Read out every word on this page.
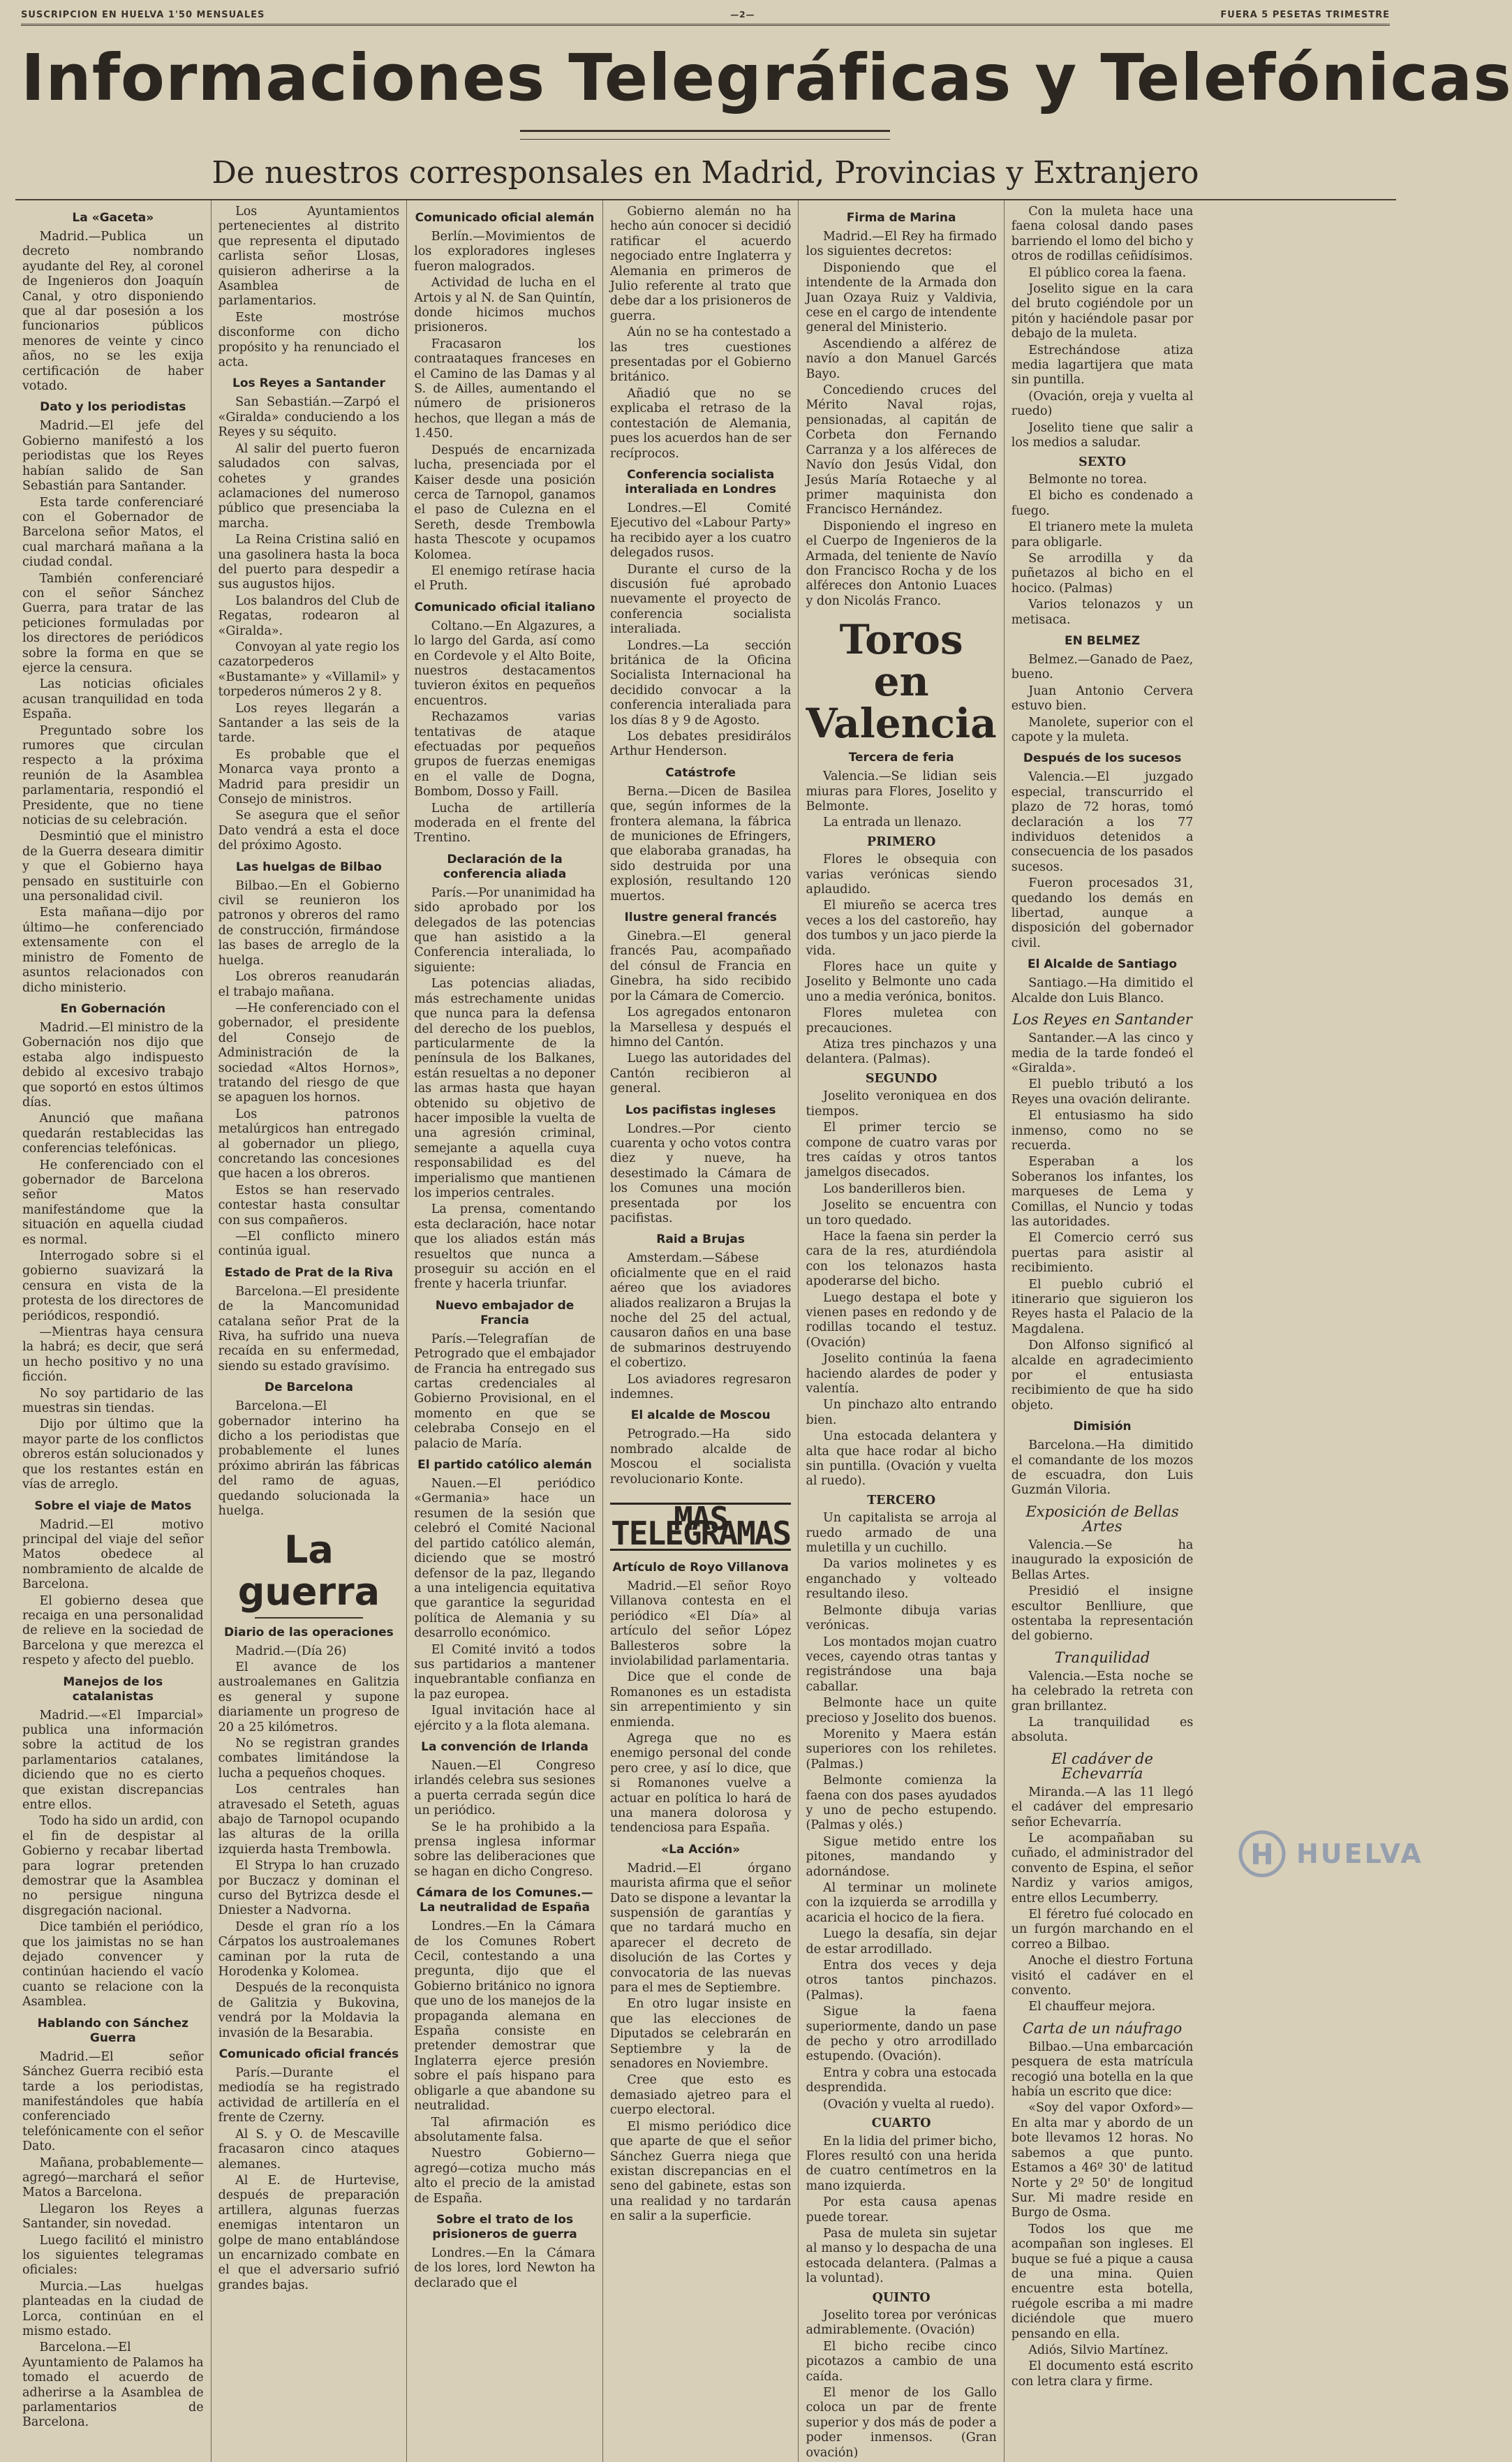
SUSCRIPCION EN HUELVA 1'50 MENSUALES	—2—	FUERA 5 PESETAS TRIMESTRE
Informaciones Telegráficas y Telefónicas
De nuestros corresponsales en Madrid, Provincias y Extranjero
La «Gaceta»

Madrid.—Publica un decreto nombrando ayudante del Rey, al coronel de Ingenieros don Joaquín Canal, y otro disponiendo que al dar posesión a los funcionarios públicos menores de veinte y cinco años, no se les exija certificación de haber votado.

Dato y los periodistas

Madrid.—El jefe del Gobierno manifestó a los periodistas que los Reyes habían salido de San Sebastián para Santander.

Esta tarde conferenciaré con el Gobernador de Barcelona señor Matos, el cual marchará mañana a la ciudad condal.

También conferenciaré con el señor Sánchez Guerra, para tratar de las peticiones formuladas por los directores de periódicos sobre la forma en que se ejerce la censura.

Las noticias oficiales acusan tranquilidad en toda España.

Preguntado sobre los rumores que circulan respecto a la próxima reunión de la Asamblea parlamentaria, respondió el Presidente, que no tiene noticias de su celebración.

Desmintió que el ministro de la Guerra deseara dimitir y que el Gobierno haya pensado en sustituirle con una personalidad civil.

Esta mañana—dijo por último—he conferenciado extensamente con el ministro de Fomento de asuntos relacionados con dicho ministerio.

En Gobernación

Madrid.—El ministro de la Gobernación nos dijo que estaba algo indispuesto debido al excesivo trabajo que soportó en estos últimos días.

Anunció que mañana quedarán restablecidas las conferencias telefónicas.

He conferenciado con el gobernador de Barcelona señor Matos manifestándome que la situación en aquella ciudad es normal.

Interrogado sobre si el gobierno suavizará la censura en vista de la protesta de los directores de periódicos, respondió.

—Mientras haya censura la habrá; es decir, que será un hecho positivo y no una ficción.

No soy partidario de las muestras sin tiendas.

Dijo por último que la mayor parte de los conflictos obreros están solucionados y que los restantes están en vías de arreglo.

Sobre el viaje de Matos

Madrid.—El motivo principal del viaje del señor Matos obedece al nombramiento de alcalde de Barcelona.

El gobierno desea que recaiga en una personalidad de relieve en la sociedad de Barcelona y que merezca el respeto y afecto del pueblo.

Manejos de los catalanistas

Madrid.—«El Imparcial» publica una información sobre la actitud de los parlamentarios catalanes, diciendo que no es cierto que existan discrepancias entre ellos.

Todo ha sido un ardid, con el fin de despistar al Gobierno y recabar libertad para lograr pretenden demostrar que la Asamblea no persigue ninguna disgregación nacional.

Dice también el periódico, que los jaimistas no se han dejado convencer y continúan haciendo el vacío cuanto se relacione con la Asamblea.

Hablando con Sánchez Guerra

Madrid.—El señor Sánchez Guerra recibió esta tarde a los periodistas, manifestándoles que había conferenciado telefónicamente con el señor Dato.

Mañana, probablemente—agregó—marchará el señor Matos a Barcelona.

Llegaron los Reyes a Santander, sin novedad.

Luego facilitó el ministro los siguientes telegramas oficiales:

Murcia.—Las huelgas planteadas en la ciudad de Lorca, continúan en el mismo estado.

Barcelona.—El Ayuntamiento de Palamos ha tomado el acuerdo de adherirse a la Asamblea de parlamentarios de Barcelona.

Los Ayuntamientos pertenecientes al distrito que representa el diputado carlista señor Llosas, quisieron adherirse a la Asamblea de parlamentarios.

Este mostróse disconforme con dicho propósito y ha renunciado el acta.

Los Reyes a Santander

San Sebastián.—Zarpó el «Giralda» conduciendo a los Reyes y su séquito.

Al salir del puerto fueron saludados con salvas, cohetes y grandes aclamaciones del numeroso público que presenciaba la marcha.

La Reina Cristina salió en una gasolinera hasta la boca del puerto para despedir a sus augustos hijos.

Los balandros del Club de Regatas, rodearon al «Giralda».

Convoyan al yate regio los cazatorpederos «Bustamante» y «Villamil» y torpederos números 2 y 8.

Los reyes llegarán a Santander a las seis de la tarde.

Es probable que el Monarca vaya pronto a Madrid para presidir un Consejo de ministros.

Se asegura que el señor Dato vendrá a esta el doce del próximo Agosto.

Las huelgas de Bilbao

Bilbao.—En el Gobierno civil se reunieron los patronos y obreros del ramo de construcción, firmándose las bases de arreglo de la huelga.

Los obreros reanudarán el trabajo mañana.

—He conferenciado con el gobernador, el presidente del Consejo de Administración de la sociedad «Altos Hornos», tratando del riesgo de que se apaguen los hornos.

Los patronos metalúrgicos han entregado al gobernador un pliego, concretando las concesiones que hacen a los obreros.

Estos se han reservado contestar hasta consultar con sus compañeros.

—El conflicto minero continúa igual.

Estado de Prat de la Riva

Barcelona.—El presidente de la Mancomunidad catalana señor Prat de la Riva, ha sufrido una nueva recaída en su enfermedad, siendo su estado gravísimo.

De Barcelona

Barcelona.—El gobernador interino ha dicho a los periodistas que probablemente el lunes próximo abrirán las fábricas del ramo de aguas, quedando solucionada la huelga.

La guerra
Diario de las operaciones

Madrid.—(Día 26)

El avance de los austroalemanes en Galitzia es general y supone diariamente un progreso de 20 a 25 kilómetros.

No se registran grandes combates limitándose la lucha a pequeños choques.

Los centrales han atravesado el Seteth, aguas abajo de Tarnopol ocupando las alturas de la orilla izquierda hasta Trembowla.

El Strypa lo han cruzado por Buczacz y dominan el curso del Bytrizca desde el Dniester a Nadvorna.

Desde el gran río a los Cárpatos los austroalemanes caminan por la ruta de Horodenka y Kolomea.

Después de la reconquista de Galitzia y Bukovina, vendrá por la Moldavia la invasión de la Besarabia.

Comunicado oficial francés

París.—Durante el mediodía se ha registrado actividad de artillería en el frente de Czerny.

Al S. y O. de Mescaville fracasaron cinco ataques alemanes.

Al E. de Hurtevise, después de preparación artillera, algunas fuerzas enemigas intentaron un golpe de mano entablándose un encarnizado combate en el que el adversario sufrió grandes bajas.

Comunicado oficial alemán

Berlín.—Movimientos de los exploradores ingleses fueron malogrados.

Actividad de lucha en el Artois y al N. de San Quintín, donde hicimos muchos prisioneros.

Fracasaron los contraataques franceses en el Camino de las Damas y al S. de Ailles, aumentando el número de prisioneros hechos, que llegan a más de 1.450.

Después de encarnizada lucha, presenciada por el Kaiser desde una posición cerca de Tarnopol, ganamos el paso de Culezna en el Sereth, desde Trembowla hasta Thescote y ocupamos Kolomea.

El enemigo retírase hacia el Pruth.

Comunicado oficial italiano

Coltano.—En Algazures, a lo largo del Garda, así como en Cordevole y el Alto Boite, nuestros destacamentos tuvieron éxitos en pequeños encuentros.

Rechazamos varias tentativas de ataque efectuadas por pequeños grupos de fuerzas enemigas en el valle de Dogna, Bombom, Dosso y Faill.

Lucha de artillería moderada en el frente del Trentino.

Declaración de la conferencia aliada

París.—Por unanimidad ha sido aprobado por los delegados de las potencias que han asistido a la Conferencia interaliada, lo siguiente:

Las potencias aliadas, más estrechamente unidas que nunca para la defensa del derecho de los pueblos, particularmente de la península de los Balkanes, están resueltas a no deponer las armas hasta que hayan obtenido su objetivo de hacer imposible la vuelta de una agresión criminal, semejante a aquella cuya responsabilidad es del imperialismo que mantienen los imperios centrales.

La prensa, comentando esta declaración, hace notar que los aliados están más resueltos que nunca a proseguir su acción en el frente y hacerla triunfar.

Nuevo embajador de Francia

París.—Telegrafían de Petrogrado que el embajador de Francia ha entregado sus cartas credenciales al Gobierno Provisional, en el momento en que se celebraba Consejo en el palacio de María.

El partido católico alemán

Nauen.—El periódico «Germania» hace un resumen de la sesión que celebró el Comité Nacional del partido católico alemán, diciendo que se mostró defensor de la paz, llegando a una inteligencia equitativa que garantice la seguridad política de Alemania y su desarrollo económico.

El Comité invitó a todos sus partidarios a mantener inquebrantable confianza en la paz europea.

Igual invitación hace al ejército y a la flota alemana.

La convención de Irlanda

Nauen.—El Congreso irlandés celebra sus sesiones a puerta cerrada según dice un periódico.

Se le ha prohibido a la prensa inglesa informar sobre las deliberaciones que se hagan en dicho Congreso.

Cámara de los Comunes.—La neutralidad de España

Londres.—En la Cámara de los Comunes Robert Cecil, contestando a una pregunta, dijo que el Gobierno británico no ignora que uno de los manejos de la propaganda alemana en España consiste en pretender demostrar que Inglaterra ejerce presión sobre el país hispano para obligarle a que abandone su neutralidad.

Tal afirmación es absolutamente falsa.

Nuestro Gobierno—agregó—cotiza mucho más alto el precio de la amistad de España.

Sobre el trato de los prisioneros de guerra

Londres.—En la Cámara de los lores, lord Newton ha declarado que el

Gobierno alemán no ha hecho aún conocer si decidió ratificar el acuerdo negociado entre Inglaterra y Alemania en primeros de Julio referente al trato que debe dar a los prisioneros de guerra.

Aún no se ha contestado a las tres cuestiones presentadas por el Gobierno británico.

Añadió que no se explicaba el retraso de la contestación de Alemania, pues los acuerdos han de ser recíprocos.

Conferencia socialista interaliada en Londres

Londres.—El Comité Ejecutivo del «Labour Party» ha recibido ayer a los cuatro delegados rusos.

Durante el curso de la discusión fué aprobado nuevamente el proyecto de conferencia socialista interaliada.

Londres.—La sección británica de la Oficina Socialista Internacional ha decidido convocar a la conferencia interaliada para los días 8 y 9 de Agosto.

Los debates presidirálos Arthur Henderson.

Catástrofe

Berna.—Dicen de Basilea que, según informes de la frontera alemana, la fábrica de municiones de Efringers, que elaboraba granadas, ha sido destruida por una explosión, resultando 120 muertos.

Ilustre general francés

Ginebra.—El general francés Pau, acompañado del cónsul de Francia en Ginebra, ha sido recibido por la Cámara de Comercio.

Los agregados entonaron la Marsellesa y después el himno del Cantón.

Luego las autoridades del Cantón recibieron al general.

Los pacifistas ingleses

Londres.—Por ciento cuarenta y ocho votos contra diez y nueve, ha desestimado la Cámara de los Comunes una moción presentada por los pacifistas.

Raid a Brujas

Amsterdam.—Sábese oficialmente que en el raid aéreo que los aviadores aliados realizaron a Brujas la noche del 25 del actual, causaron daños en una base de submarinos destruyendo el cobertizo.

Los aviadores regresaron indemnes.

El alcalde de Moscou

Petrogrado.—Ha sido nombrado alcalde de Moscou el socialista revolucionario Konte.

MAS TELEGRAMAS
Artículo de Royo Villanova

Madrid.—El señor Royo Villanova contesta en el periódico «El Día» al artículo del señor López Ballesteros sobre la inviolabilidad parlamentaria.

Dice que el conde de Romanones es un estadista sin arrepentimiento y sin enmienda.

Agrega que no es enemigo personal del conde pero cree, y así lo dice, que si Romanones vuelve a actuar en política lo hará de una manera dolorosa y tendenciosa para España.

«La Acción»

Madrid.—El órgano maurista afirma que el señor Dato se dispone a levantar la suspensión de garantías y que no tardará mucho en aparecer el decreto de disolución de las Cortes y convocatoria de las nuevas para el mes de Septiembre.

En otro lugar insiste en que las elecciones de Diputados se celebrarán en Septiembre y la de senadores en Noviembre.

Cree que esto es demasiado ajetreo para el cuerpo electoral.

El mismo periódico dice que aparte de que el señor Sánchez Guerra niega que existan discrepancias en el seno del gabinete, estas son una realidad y no tardarán en salir a la superficie.

Firma de Marina

Madrid.—El Rey ha firmado los siguientes decretos:

Disponiendo que el intendente de la Armada don Juan Ozaya Ruiz y Valdivia, cese en el cargo de intendente general del Ministerio.

Ascendiendo a alférez de navío a don Manuel Garcés Bayo.

Concediendo cruces del Mérito Naval rojas, pensionadas, al capitán de Corbeta don Fernando Carranza y a los alféreces de Navío don Jesús Vidal, don Jesús María Rotaeche y al primer maquinista don Francisco Hernández.

Disponiendo el ingreso en el Cuerpo de Ingenieros de la Armada, del teniente de Navío don Francisco Rocha y de los alféreces don Antonio Luaces y don Nicolás Franco.

Toros en Valencia
Tercera de feria

Valencia.—Se lidian seis miuras para Flores, Joselito y Belmonte.

La entrada un llenazo.

PRIMERO

Flores le obsequia con varias verónicas siendo aplaudido.

El miureño se acerca tres veces a los del castoreño, hay dos tumbos y un jaco pierde la vida.

Flores hace un quite y Joselito y Belmonte uno cada uno a media verónica, bonitos.

Flores muletea con precauciones.

Atiza tres pinchazos y una delantera. (Palmas).

SEGUNDO

Joselito veroniquea en dos tiempos.

El primer tercio se compone de cuatro varas por tres caídas y otros tantos jamelgos disecados.

Los banderilleros bien.

Joselito se encuentra con un toro quedado.

Hace la faena sin perder la cara de la res, aturdiéndola con los telonazos hasta apoderarse del bicho.

Luego destapa el bote y vienen pases en redondo y de rodillas tocando el testuz. (Ovación)

Joselito continúa la faena haciendo alardes de poder y valentía.

Un pinchazo alto entrando bien.

Una estocada delantera y alta que hace rodar al bicho sin puntilla. (Ovación y vuelta al ruedo).

TERCERO

Un capitalista se arroja al ruedo armado de una muletilla y un cuchillo.

Da varios molinetes y es enganchado y volteado resultando ileso.

Belmonte dibuja varias verónicas.

Los montados mojan cuatro veces, cayendo otras tantas y registrándose una baja caballar.

Belmonte hace un quite precioso y Joselito dos buenos.

Morenito y Maera están superiores con los rehiletes. (Palmas.)

Belmonte comienza la faena con dos pases ayudados y uno de pecho estupendo. (Palmas y olés.)

Sigue metido entre los pitones, mandando y adornándose.

Al terminar un molinete con la izquierda se arrodilla y acaricia el hocico de la fiera.

Luego la desafía, sin dejar de estar arrodillado.

Entra dos veces y deja otros tantos pinchazos. (Palmas).

Sigue la faena superiormente, dando un pase de pecho y otro arrodillado estupendo. (Ovación).

Entra y cobra una estocada desprendida.

(Ovación y vuelta al ruedo).

CUARTO

En la lidia del primer bicho, Flores resultó con una herida de cuatro centímetros en la mano izquierda.

Por esta causa apenas puede torear.

Pasa de muleta sin sujetar al manso y lo despacha de una estocada delantera. (Palmas a la voluntad).

QUINTO

Joselito torea por verónicas admirablemente. (Ovación)

El bicho recibe cinco picotazos a cambio de una caída.

El menor de los Gallo coloca un par de frente superior y dos más de poder a poder inmensos. (Gran ovación)

Con la muleta hace una faena colosal dando pases barriendo el lomo del bicho y otros de rodillas ceñidísimos.

El público corea la faena.

Joselito sigue en la cara del bruto cogiéndole por un pitón y haciéndole pasar por debajo de la muleta.

Estrechándose atiza media lagartijera que mata sin puntilla.

(Ovación, oreja y vuelta al ruedo)

Joselito tiene que salir a los medios a saludar.

SEXTO

Belmonte no torea.

El bicho es condenado a fuego.

El trianero mete la muleta para obligarle.

Se arrodilla y da puñetazos al bicho en el hocico. (Palmas)

Varios telonazos y un metisaca.

EN BELMEZ

Belmez.—Ganado de Paez, bueno.

Juan Antonio Cervera estuvo bien.

Manolete, superior con el capote y la muleta.

Después de los sucesos

Valencia.—El juzgado especial, transcurrido el plazo de 72 horas, tomó declaración a los 77 individuos detenidos a consecuencia de los pasados sucesos.

Fueron procesados 31, quedando los demás en libertad, aunque a disposición del gobernador civil.

El Alcalde de Santiago

Santiago.—Ha dimitido el Alcalde don Luis Blanco.

Los Reyes en Santander

Santander.—A las cinco y media de la tarde fondeó el «Giralda».

El pueblo tributó a los Reyes una ovación delirante.

El entusiasmo ha sido inmenso, como no se recuerda.

Esperaban a los Soberanos los infantes, los marqueses de Lema y Comillas, el Nuncio y todas las autoridades.

El Comercio cerró sus puertas para asistir al recibimiento.

El pueblo cubrió el itinerario que siguieron los Reyes hasta el Palacio de la Magdalena.

Don Alfonso significó al alcalde en agradecimiento por el entusiasta recibimiento de que ha sido objeto.

Dimisión

Barcelona.—Ha dimitido el comandante de los mozos de escuadra, don Luis Guzmán Viloria.

Exposición de Bellas Artes

Valencia.—Se ha inaugurado la exposición de Bellas Artes.

Presidió el insigne escultor Benlliure, que ostentaba la representación del gobierno.

Tranquilidad

Valencia.—Esta noche se ha celebrado la retreta con gran brillantez.

La tranquilidad es absoluta.

El cadáver de Echevarría

Miranda.—A las 11 llegó el cadáver del empresario señor Echevarría.

Le acompañaban su cuñado, el administrador del convento de Espina, el señor Nardiz y varios amigos, entre ellos Lecumberry.

El féretro fué colocado en un furgón marchando en el correo a Bilbao.

Anoche el diestro Fortuna visitó el cadáver en el convento.

El chauffeur mejora.

Carta de un náufrago

Bilbao.—Una embarcación pesquera de esta matrícula recogió una botella en la que había un escrito que dice:

«Soy del vapor Oxford»—En alta mar y abordo de un bote llevamos 12 horas. No sabemos a que punto. Estamos a 46º 30' de latitud Norte y 2º 50' de longitud Sur. Mi madre reside en Burgo de Osma.

Todos los que me acompañan son ingleses. El buque se fué a pique a causa de una mina. Quien encuentre esta botella, ruégole escriba a mi madre diciéndole que muero pensando en ella.

Adiós, Silvio Martínez.

El documento está escrito con letra clara y firme.

HUELVA
